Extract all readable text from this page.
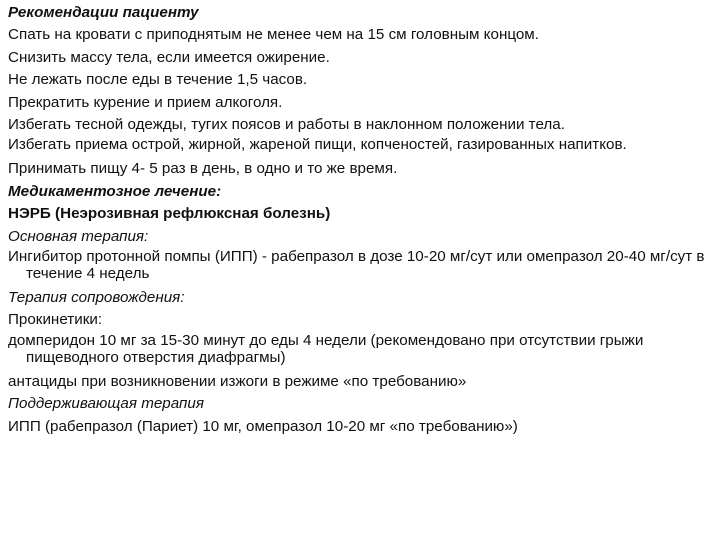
Рекомендации пациенту

Спать на кровати с приподнятым не менее чем на 15 см головным концом.

Снизить массу тела, если имеется ожирение.

Не лежать после еды в течение 1,5 часов.

Прекратить курение и прием алкоголя.

Избегать тесной одежды, тугих поясов и работы в наклонном положении тела.

Избегать приема острой, жирной, жареной пищи, копченостей, газированных напитков.

Принимать пищу 4- 5 раз в день, в одно и то же время.

Медикаментозное лечение:

НЭРБ (Неэрозивная рефлюксная болезнь)

Основная терапия:

Ингибитор протонной помпы (ИПП) - рабепразол в дозе 10-20 мг/сут или омепразол 20-40 мг/сут в течение 4 недель

Терапия сопровождения:

Прокинетики:

домперидон 10 мг за 15-30 минут до еды 4 недели (рекомендовано при отсутствии грыжи пищеводного отверстия диафрагмы)

антациды при возникновении изжоги в режиме «по требованию»

Поддерживающая терапия

ИПП (рабепразол (Париет) 10 мг, омепразол 10-20 мг «по требованию»)
